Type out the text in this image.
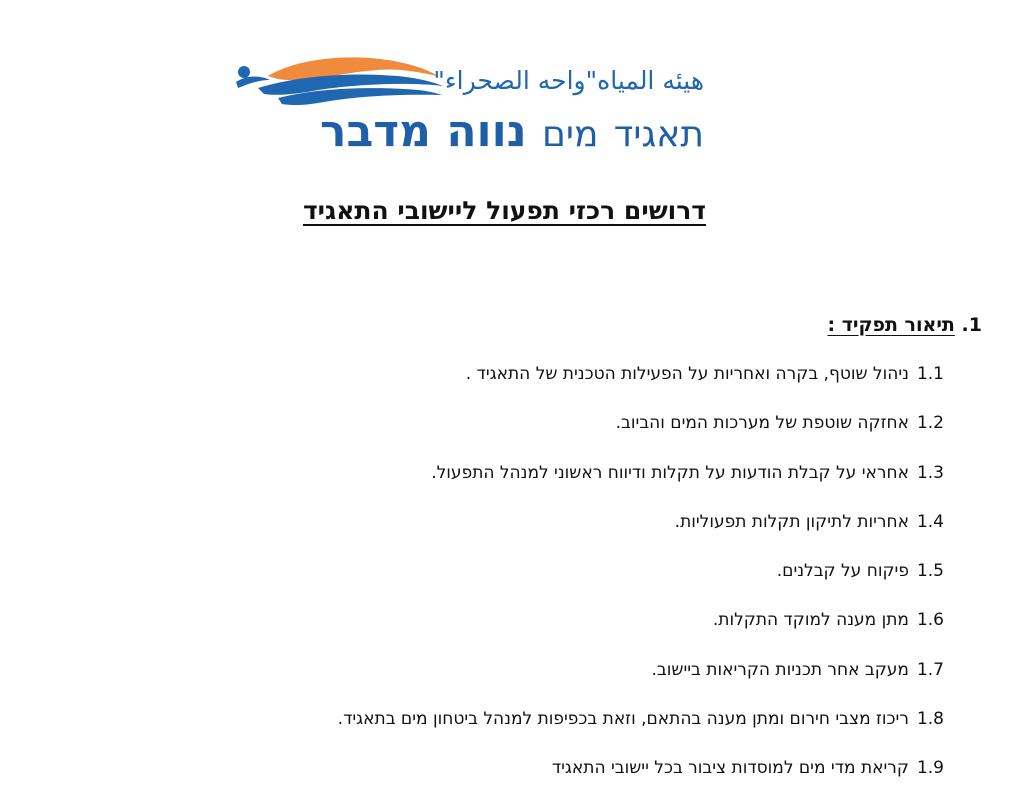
هيئه المياه"واحه الصحراء"
תאגיד מים נווה מדבר
דרושים רכזי תפעול ליישובי התאגיד
1. תיאור תפקיד :
1.1
ניהול שוטף, בקרה ואחריות על הפעילות הטכנית של התאגיד .
1.2
אחזקה שוטפת של מערכות המים והביוב.
1.3
אחראי על קבלת הודעות על תקלות ודיווח ראשוני למנהל התפעול.
1.4
אחריות לתיקון תקלות תפעוליות.
1.5
פיקוח על קבלנים.
1.6
מתן מענה למוקד התקלות.
1.7
מעקב אחר תכניות הקריאות ביישוב.
1.8
ריכוז מצבי חירום ומתן מענה בהתאם, וזאת בכפיפות למנהל ביטחון מים בתאגיד.
1.9
קריאת מדי מים למוסדות ציבור בכל יישובי התאגיד
